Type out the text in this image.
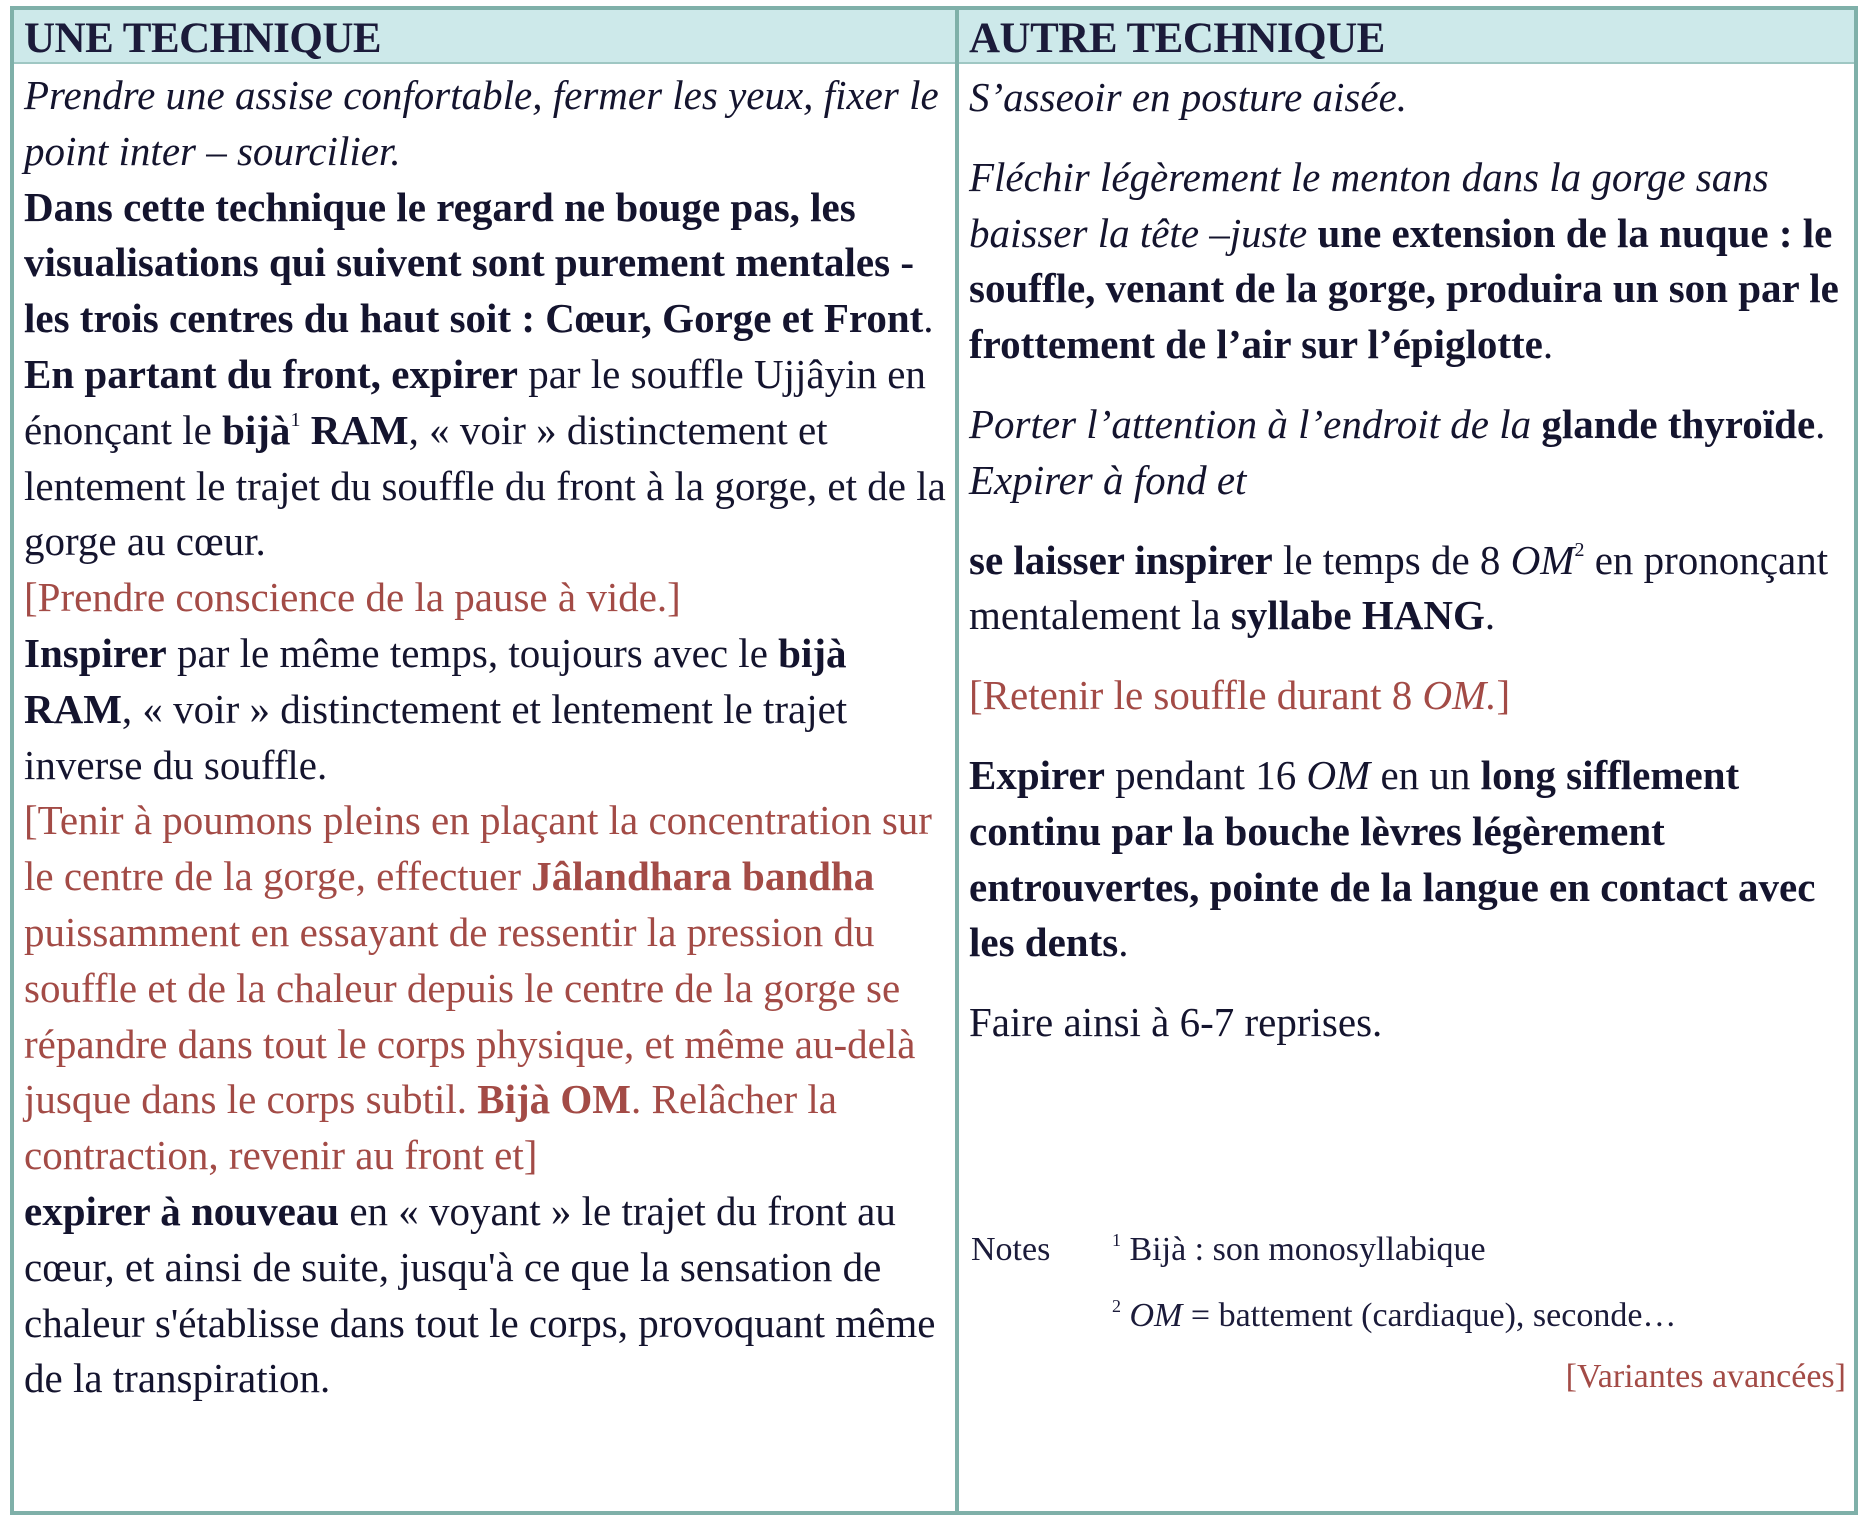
UNE TECHNIQUE

Prendre une assise confortable, fermer les yeux, fixer le point inter – sourcilier.

Dans cette technique le regard ne bouge pas, les visualisations qui suivent sont purement mentales -les trois centres du haut soit : Cœur, Gorge et Front.

En partant du front, expirer par le souffle Ujjâyin en énonçant le bijà$^1$ RAM, « voir » distinctement et lentement le trajet du souffle du front à la gorge, et de la gorge au cœur.

[Prendre conscience de la pause à vide.]

Inspirer par le même temps, toujours avec le bijà RAM, « voir » distinctement et lentement le trajet inverse du souffle.

[Tenir à poumons pleins en plaçant la concentration sur le centre de la gorge, effectuer Jâlandhara bandha puissamment en essayant de ressentir la pression du souffle et de la chaleur depuis le centre de la gorge se répandre dans tout le corps physique, et même au-delà jusque dans le corps subtil. Bijà OM. Relâcher la contraction, revenir au front et]

expirer à nouveau en « voyant » le trajet du front au cœur, et ainsi de suite, jusqu'à ce que la sensation de chaleur s'établisse dans tout le corps, provoquant même de la transpiration.

AUTRE TECHNIQUE

S’asseoir en posture aisée.

Fléchir légèrement le menton dans la gorge sans baisser la tête –juste une extension de la nuque : le souffle, venant de la gorge, produira un son par le frottement de l’air sur l’épiglotte.

Porter l’attention à l’endroit de la glande thyroïde. Expirer à fond et

se laisser inspirer le temps de 8 $OM^2$ en prononçant mentalement la syllabe HANG.

[Retenir le souffle durant 8 OM.]

Expirer pendant 16 OM en un long sifflement continu par la bouche lèvres légèrement entrouvertes, pointe de la langue en contact avec les dents.

Faire ainsi à 6-7 reprises.

Notes	$^1$ Bijà : son monosyllabique
$^2$ OM = battement (cardiaque), seconde…
[Variantes avancées]
